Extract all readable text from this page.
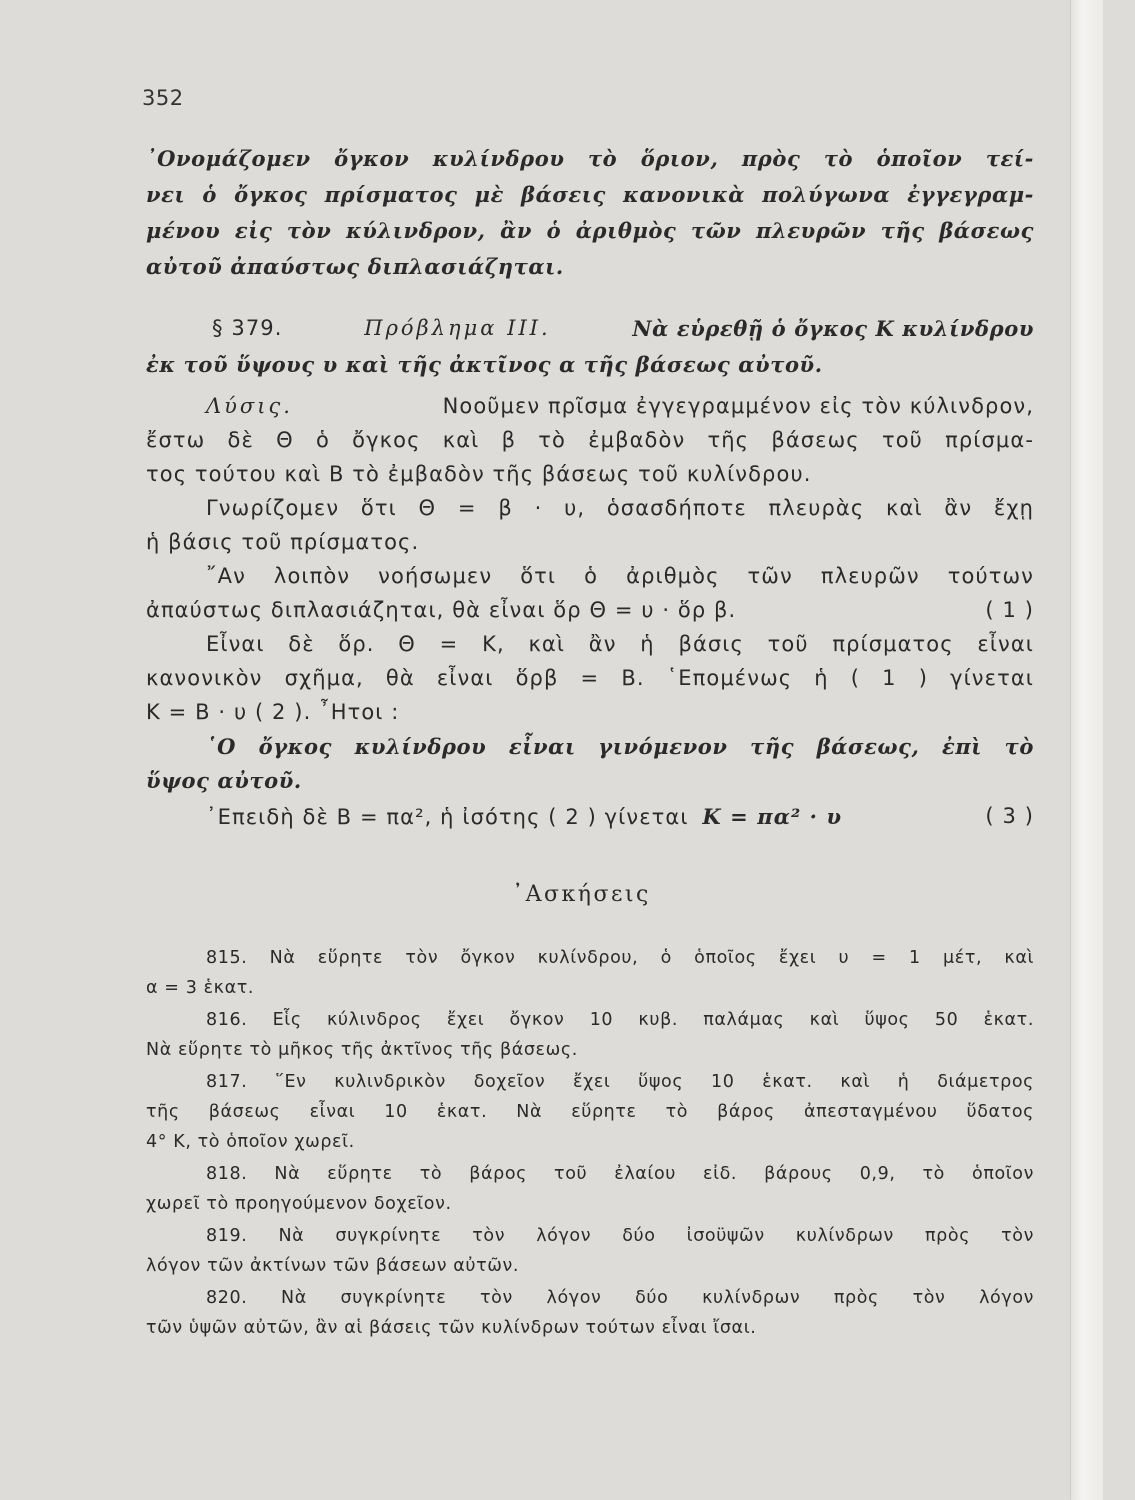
352
᾽Ονομάζομεν ὄγκον κυλίνδρου τὸ ὅριον, πρὸς τὸ ὁποῖον τεί-
νει ὁ ὄγκος πρίσματος μὲ βάσεις κανονικὰ πολύγωνα ἐγγεγραμ-
μένου εἰς τὸν κύλινδρον, ἂν ὁ ἀριθμὸς τῶν πλευρῶν τῆς βάσεως
αὐτοῦ ἀπαύστως διπλασιάζηται.
§ 379.	Πρόβλημα III.	Νὰ εὑρεθῇ ὁ ὄγκος Κ κυλίνδρου
ἐκ τοῦ ὕψους υ καὶ τῆς ἀκτῖνος α τῆς βάσεως αὐτοῦ.
Λύσις.	Νοοῦμεν πρῖσμα ἐγγεγραμμένον εἰς τὸν κύλινδρον,
ἔστω δὲ Θ ὁ ὄγκος καὶ β τὸ ἐμβαδὸν τῆς βάσεως τοῦ πρίσμα-
τος τούτου καὶ Β τὸ ἐμβαδὸν τῆς βάσεως τοῦ κυλίνδρου.
Γνωρίζομεν ὅτι Θ = β · υ, ὁσασδήποτε πλευρὰς καὶ ἂν ἔχῃ
ἡ βάσις τοῦ πρίσματος.
῎Αν λοιπὸν νοήσωμεν ὅτι ὁ ἀριθμὸς τῶν πλευρῶν τούτων
ἀπαύστως διπλασιάζηται, θὰ εἶναι ὅρ Θ = υ · ὅρ β.	( 1 )
Εἶναι δὲ ὅρ. Θ = Κ, καὶ ἂν ἡ βάσις τοῦ πρίσματος εἶναι
κανονικὸν σχῆμα, θὰ εἶναι ὅρβ = Β. ῾Επομένως ἡ ( 1 ) γίνεται
Κ = Β · υ ( 2 ). ῏Ητοι :
῾Ο ὄγκος κυλίνδρου εἶναι γινόμενον τῆς βάσεως, ἐπὶ τὸ
ὕψος αὐτοῦ.
᾽Επειδὴ δὲ Β = πα², ἡ ἰσότης ( 2 ) γίνεται Κ = πα² · υ	( 3 )
᾽Ασκήσεις
815. Νὰ εὕρητε τὸν ὄγκον κυλίνδρου, ὁ ὁποῖος ἔχει υ = 1 μέτ, καὶ
α = 3 ἑκατ.
816. Εἷς κύλινδρος ἔχει ὄγκον 10 κυβ. παλάμας καὶ ὕψος 50 ἑκατ.
Νὰ εὕρητε τὸ μῆκος τῆς ἀκτῖνος τῆς βάσεως.
817. ῞Εν κυλινδρικὸν δοχεῖον ἔχει ὕψος 10 ἑκατ. καὶ ἡ διάμετρος
τῆς βάσεως εἶναι 10 ἑκατ. Νὰ εὕρητε τὸ βάρος ἀπεσταγμένου ὕδατος
4° Κ, τὸ ὁποῖον χωρεῖ.
818. Νὰ εὕρητε τὸ βάρος τοῦ ἐλαίου εἰδ. βάρους 0,9, τὸ ὁποῖον
χωρεῖ τὸ προηγούμενον δοχεῖον.
819. Νὰ συγκρίνητε τὸν λόγον δύο ἰσοϋψῶν κυλίνδρων πρὸς τὸν
λόγον τῶν ἀκτίνων τῶν βάσεων αὐτῶν.
820. Νὰ συγκρίνητε τὸν λόγον δύο κυλίνδρων πρὸς τὸν λόγον
τῶν ὑψῶν αὐτῶν, ἂν αἱ βάσεις τῶν κυλίνδρων τούτων εἶναι ἴσαι.
